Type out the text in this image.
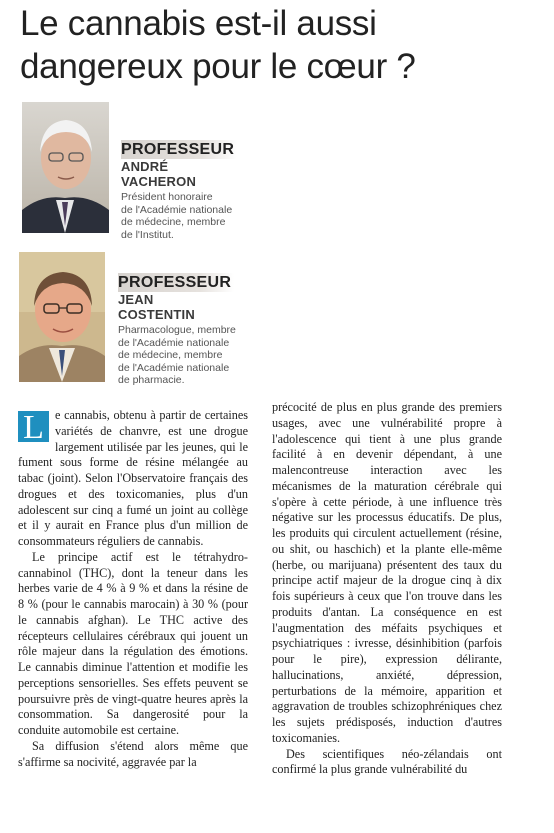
Le cannabis est-il aussi
dangereux pour le cœur ?
PROFESSEUR
ANDRÉ
VACHERON
Président honoraire
de l'Académie nationale
de médecine, membre
de l'Institut.
PROFESSEUR
JEAN
COSTENTIN
Pharmacologue, membre
de l'Académie nationale
de médecine, membre
de l'Académie nationale
de pharmacie.

L e cannabis, obtenu à partir de certaines variétés de chanvre, est une drogue largement utilisée par les jeunes, qui le fument sous forme de résine mélangée au tabac (joint). Selon l'Observatoire français des drogues et des toxicomanies, plus d'un adolescent sur cinq a fumé un joint au collège et il y aurait en France plus d'un million de consommateurs réguliers de cannabis.

Le principe actif est le tétrahydro-cannabinol (THC), dont la teneur dans les herbes varie de 4 % à 9 % et dans la résine de 8 % (pour le cannabis marocain) à 30 % (pour le cannabis afghan). Le THC active des récepteurs cellulaires cérébraux qui jouent un rôle majeur dans la régulation des émotions. Le cannabis diminue l'attention et modifie les perceptions sensorielles. Ses effets peuvent se poursuivre près de vingt-quatre heures après la consommation. Sa dangerosité pour la conduite automobile est certaine.

Sa diffusion s'étend alors même que s'affirme sa nocivité, aggravée par la

précocité de plus en plus grande des premiers usages, avec une vulnérabilité propre à l'adolescence qui tient à une plus grande facilité à en devenir dépendant, à une malencontreuse interaction avec les mécanismes de la maturation cérébrale qui s'opère à cette période, à une influence très négative sur les processus éducatifs. De plus, les produits qui circulent actuellement (résine, ou shit, ou haschich) et la plante elle-même (herbe, ou marijuana) présentent des taux du principe actif majeur de la drogue cinq à dix fois supérieurs à ceux que l'on trouve dans les produits d'antan. La conséquence en est l'augmentation des méfaits psychiques et psychiatriques : ivresse, désinhibition (parfois pour le pire), expression délirante, hallucinations, anxiété, dépression, perturbations de la mémoire, apparition et aggravation de troubles schizophréniques chez les sujets prédisposés, induction d'autres toxicomanies.

Des scientifiques néo-zélandais ont confirmé la plus grande vulnérabilité du
